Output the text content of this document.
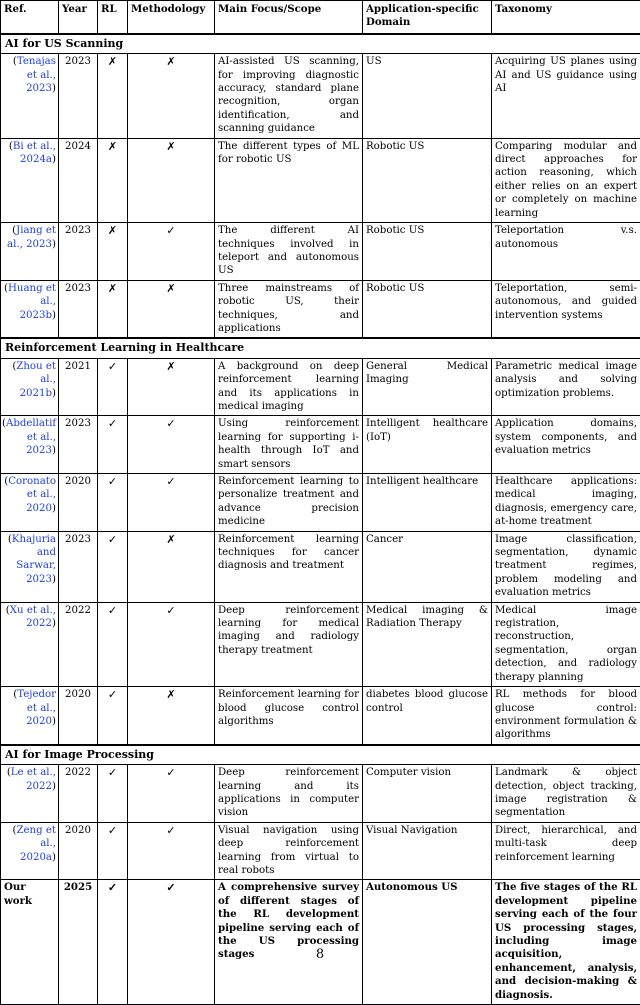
Ref.	Year	RL	Methodology	Main Focus/Scope	Application-specific Domain	Taxonomy
AI for US Scanning						
(Tenajas et al., 2023)	2023	✗	✗	AI-assisted US scanning, for improving diagnostic accuracy, standard plane recognition, organ identification, and scanning guidance	US	Acquiring US planes using AI and US guidance using AI
(Bi et al., 2024a)	2024	✗	✗	The different types of ML for robotic US	Robotic US	Comparing modular and direct approaches for action reasoning, which either relies on an expert or completely on machine learning
(Jiang et al., 2023)	2023	✗	✓	The different AI techniques involved in teleport and autonomous US	Robotic US	Teleportation v.s. autonomous
(Huang et al., 2023b)	2023	✗	✗	Three mainstreams of robotic US, their techniques, and applications	Robotic US	Teleportation, semi-autonomous, and guided intervention systems
Reinforcement Learning in Healthcare						
(Zhou et al., 2021b)	2021	✓	✗	A background on deep reinforcement learning and its applications in medical imaging	General Medical Imaging	Parametric medical image analysis and solving optimization problems.
(Abdellatif et al., 2023)	2023	✓	✓	Using reinforcement learning for supporting i-health through IoT and smart sensors	Intelligent healthcare (IoT)	Application domains, system components, and evaluation metrics
(Coronato et al., 2020)	2020	✓	✓	Reinforcement learning to personalize treatment and advance precision medicine	Intelligent healthcare	Healthcare applications: medical imaging, diagnosis, emergency care, at-home treatment
(Khajuria and Sarwar, 2023)	2023	✓	✗	Reinforcement learning techniques for cancer diagnosis and treatment	Cancer	Image classification, segmentation, dynamic treatment regimes, problem modeling and evaluation metrics
(Xu et al., 2022)	2022	✓	✓	Deep reinforcement learning for medical imaging and radiology therapy treatment	Medical imaging & Radiation Therapy	Medical image registration, reconstruction, segmentation, organ detection, and radiology therapy planning
(Tejedor et al., 2020)	2020	✓	✗	Reinforcement learning for blood glucose control algorithms	diabetes blood glucose control	RL methods for blood glucose control: environment formulation & algorithms
AI for Image Processing						
(Le et al., 2022)	2022	✓	✓	Deep reinforcement learning and its applications in computer vision	Computer vision	Landmark & object detection, object tracking, image registration & segmentation
(Zeng et al., 2020a)	2020	✓	✓	Visual navigation using deep reinforcement learning from virtual to real robots	Visual Navigation	Direct, hierarchical, and multi-task deep reinforcement learning
Our work	2025	✓	✓	A comprehensive survey of different stages of the RL development pipeline serving each of the US processing stages	Autonomous US	The five stages of the RL development pipeline serving each of the four US processing stages, including image acquisition, enhancement, analysis, and decision-making & diagnosis.
8
